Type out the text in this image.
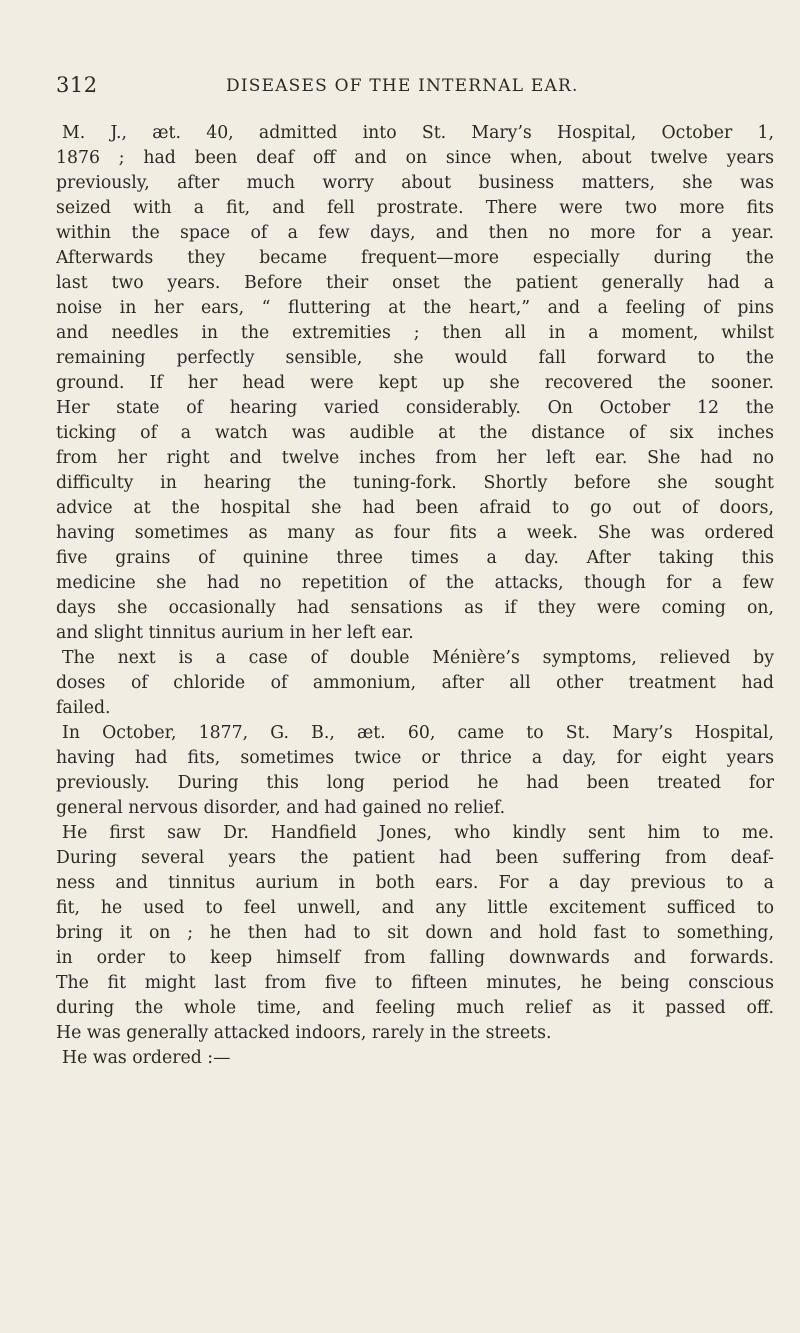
312	DISEASES OF THE INTERNAL EAR.
M. J., æt. 40, admitted into St. Mary’s Hospital, October 1,
1876 ; had been deaf off and on since when, about twelve years
previously, after much worry about business matters, she was
seized with a fit, and fell prostrate. There were two more fits
within the space of a few days, and then no more for a year.
Afterwards they became frequent—more especially during the
last two years. Before their onset the patient generally had a
noise in her ears, “ fluttering at the heart,” and a feeling of pins
and needles in the extremities ; then all in a moment, whilst
remaining perfectly sensible, she would fall forward to the
ground. If her head were kept up she recovered the sooner.
Her state of hearing varied considerably. On October 12 the
ticking of a watch was audible at the distance of six inches
from her right and twelve inches from her left ear. She had no
difficulty in hearing the tuning-fork. Shortly before she sought
advice at the hospital she had been afraid to go out of doors,
having sometimes as many as four fits a week. She was ordered
five grains of quinine three times a day. After taking this
medicine she had no repetition of the attacks, though for a few
days she occasionally had sensations as if they were coming on,
and slight tinnitus aurium in her left ear.
The next is a case of double Ménière’s symptoms, relieved by
doses of chloride of ammonium, after all other treatment had
failed.
In October, 1877, G. B., æt. 60, came to St. Mary’s Hospital,
having had fits, sometimes twice or thrice a day, for eight years
previously. During this long period he had been treated for
general nervous disorder, and had gained no relief.
He first saw Dr. Handfield Jones, who kindly sent him to me.
During several years the patient had been suffering from deaf-
ness and tinnitus aurium in both ears. For a day previous to a
fit, he used to feel unwell, and any little excitement sufficed to
bring it on ; he then had to sit down and hold fast to something,
in order to keep himself from falling downwards and forwards.
The fit might last from five to fifteen minutes, he being conscious
during the whole time, and feeling much relief as it passed off.
He was generally attacked indoors, rarely in the streets.
He was ordered :—
